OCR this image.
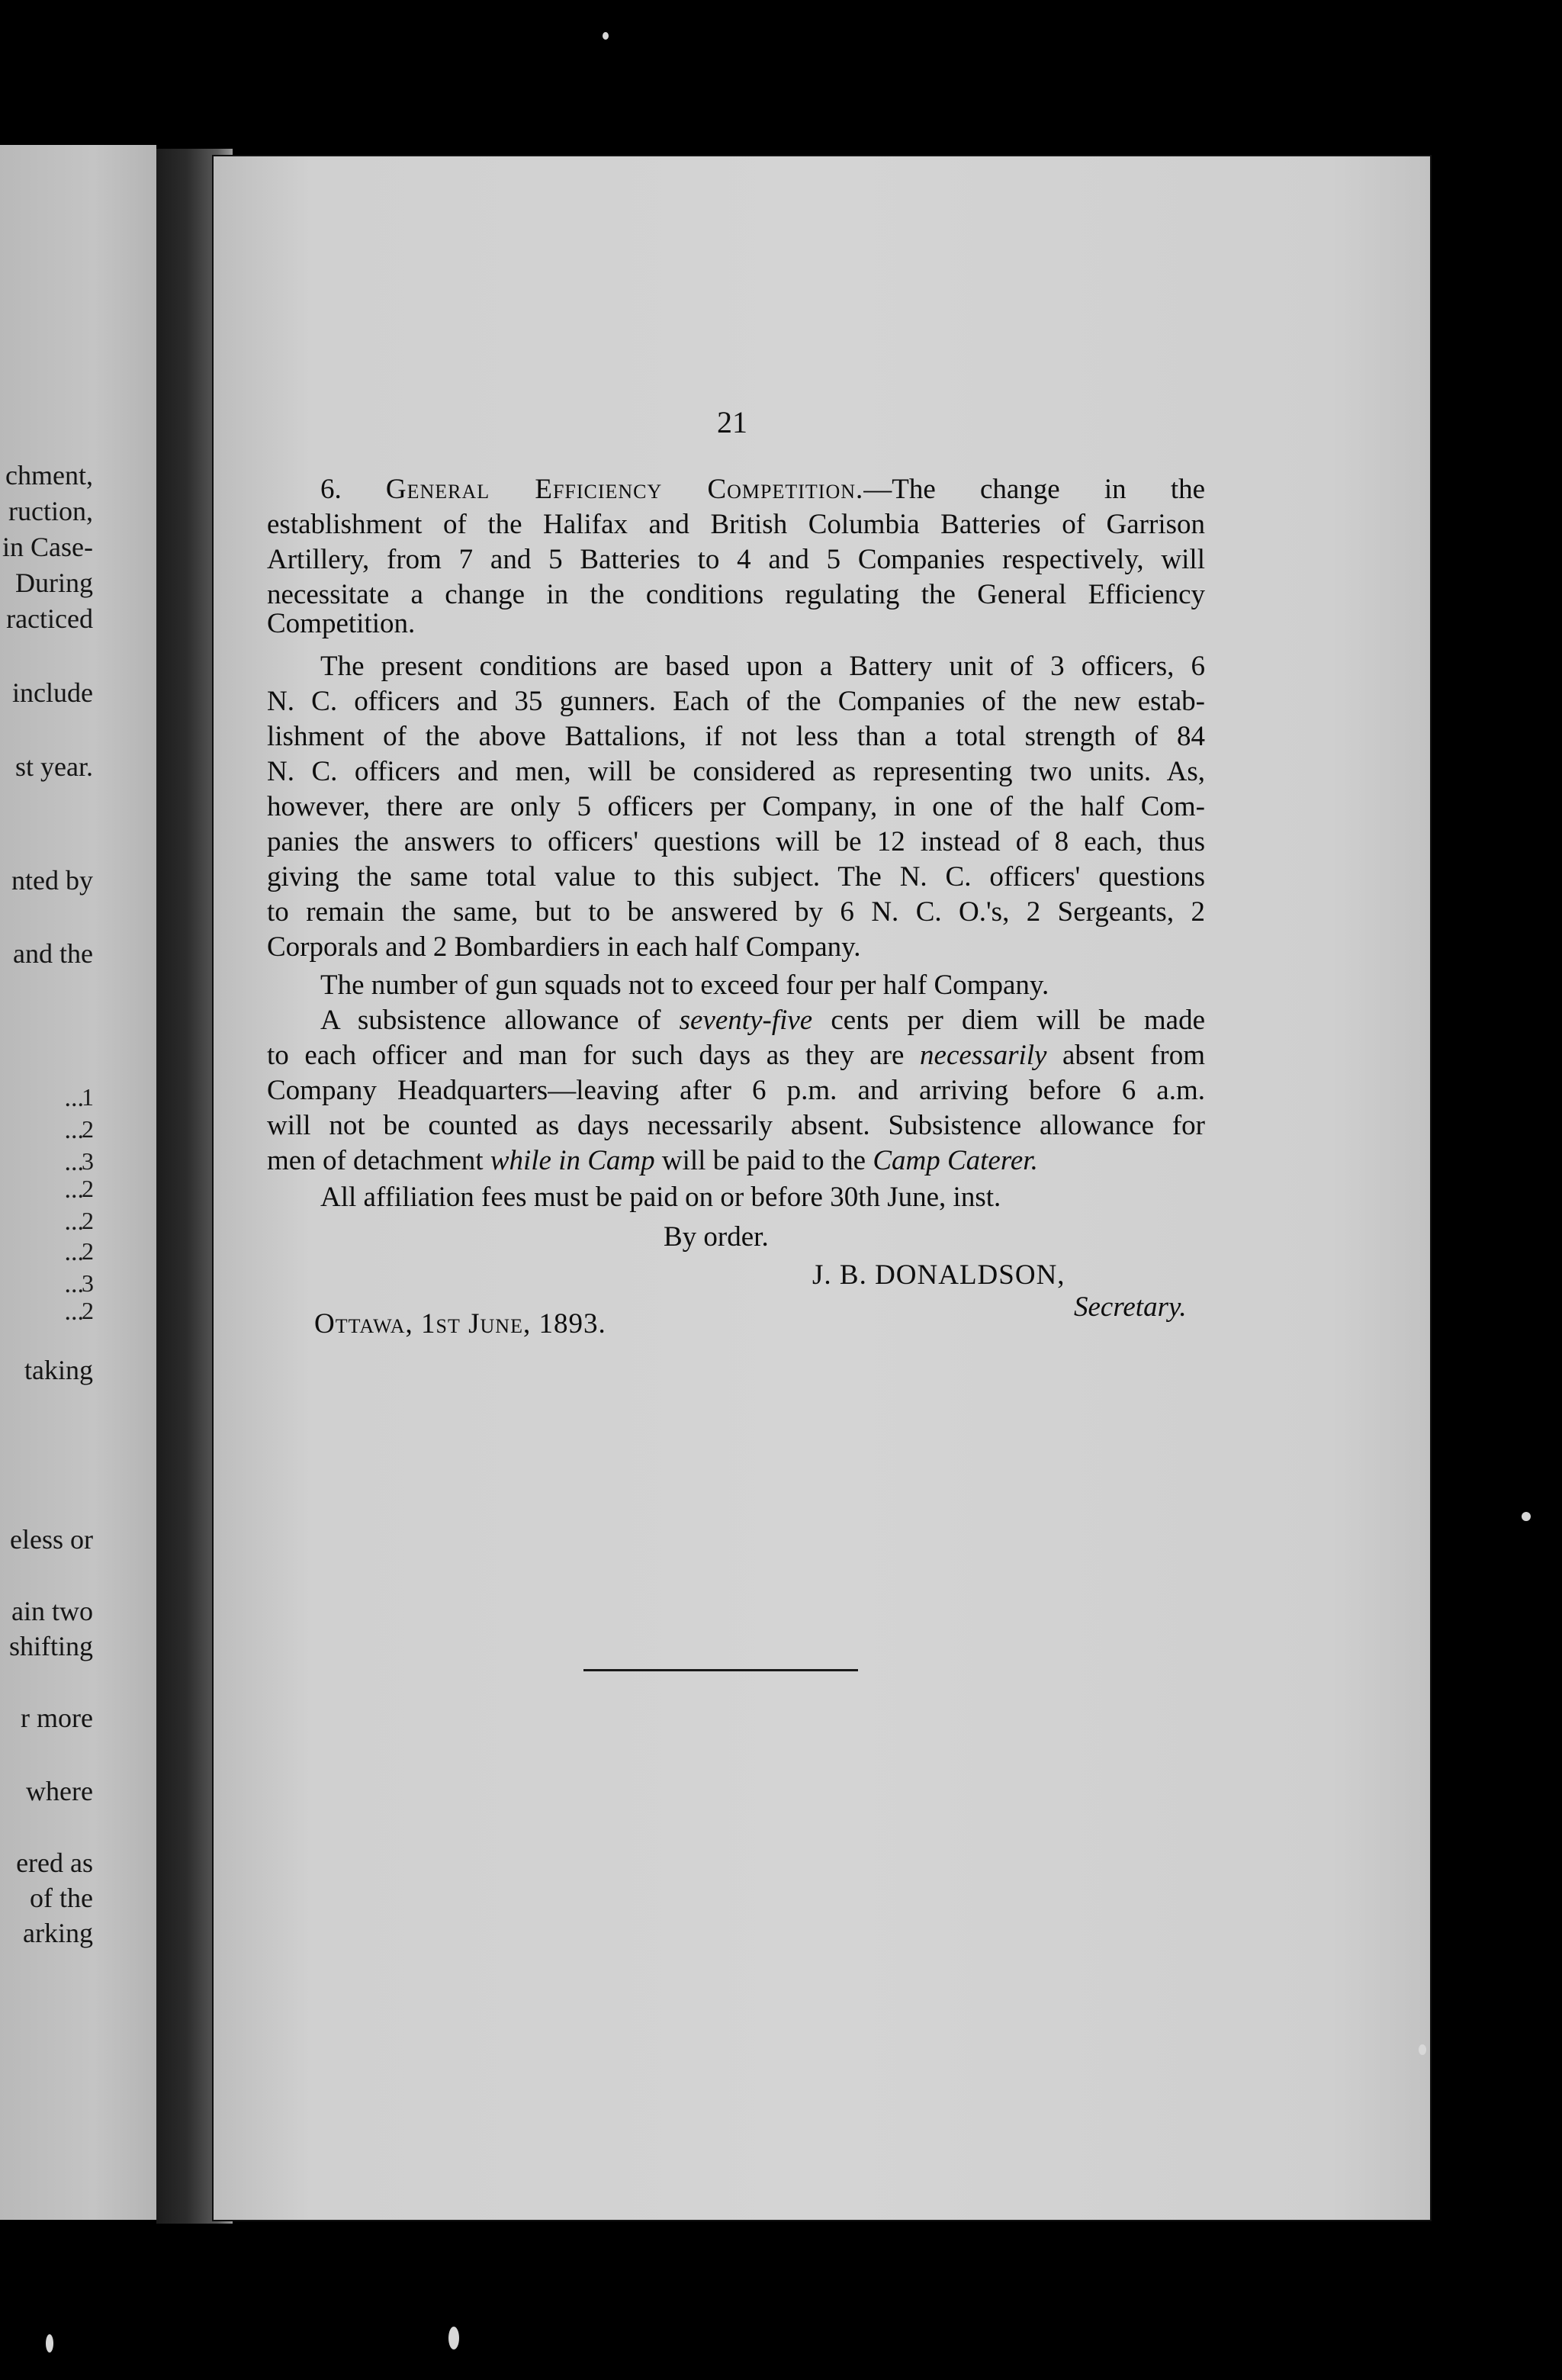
chment,
ruction,
in Case-
During
racticed
include
st year.
nted by
and the
...
1
...
2
...
3
...
2
...
2
...
2
...
3
...
2
taking
eless or
ain two
shifting
r more
where
ered as
of the
arking
21
6. General Efficiency Competition.—The change in the
establishment of the Halifax and British Columbia Batteries of Garrison
Artillery, from 7 and 5 Batteries to 4 and 5 Companies respectively, will
necessitate a change in the conditions regulating the General Efficiency
Competition.
The present conditions are based upon a Battery unit of 3 officers, 6
N. C. officers and 35 gunners. Each of the Companies of the new estab-
lishment of the above Battalions, if not less than a total strength of 84
N. C. officers and men, will be considered as representing two units. As,
however, there are only 5 officers per Company, in one of the half Com-
panies the answers to officers' questions will be 12 instead of 8 each, thus
giving the same total value to this subject. The N. C. officers' questions
to remain the same, but to be answered by 6 N. C. O.'s, 2 Sergeants, 2
Corporals and 2 Bombardiers in each half Company.
The number of gun squads not to exceed four per half Company.
A subsistence allowance of seventy-five cents per diem will be made
to each officer and man for such days as they are necessarily absent from
Company Headquarters—leaving after 6 p.m. and arriving before 6 a.m.
will not be counted as days necessarily absent. Subsistence allowance for
men of detachment while in Camp will be paid to the Camp Caterer.
All affiliation fees must be paid on or before 30th June, inst.
By order.
J. B. DONALDSON,
Secretary.
Ottawa, 1st June, 1893.
